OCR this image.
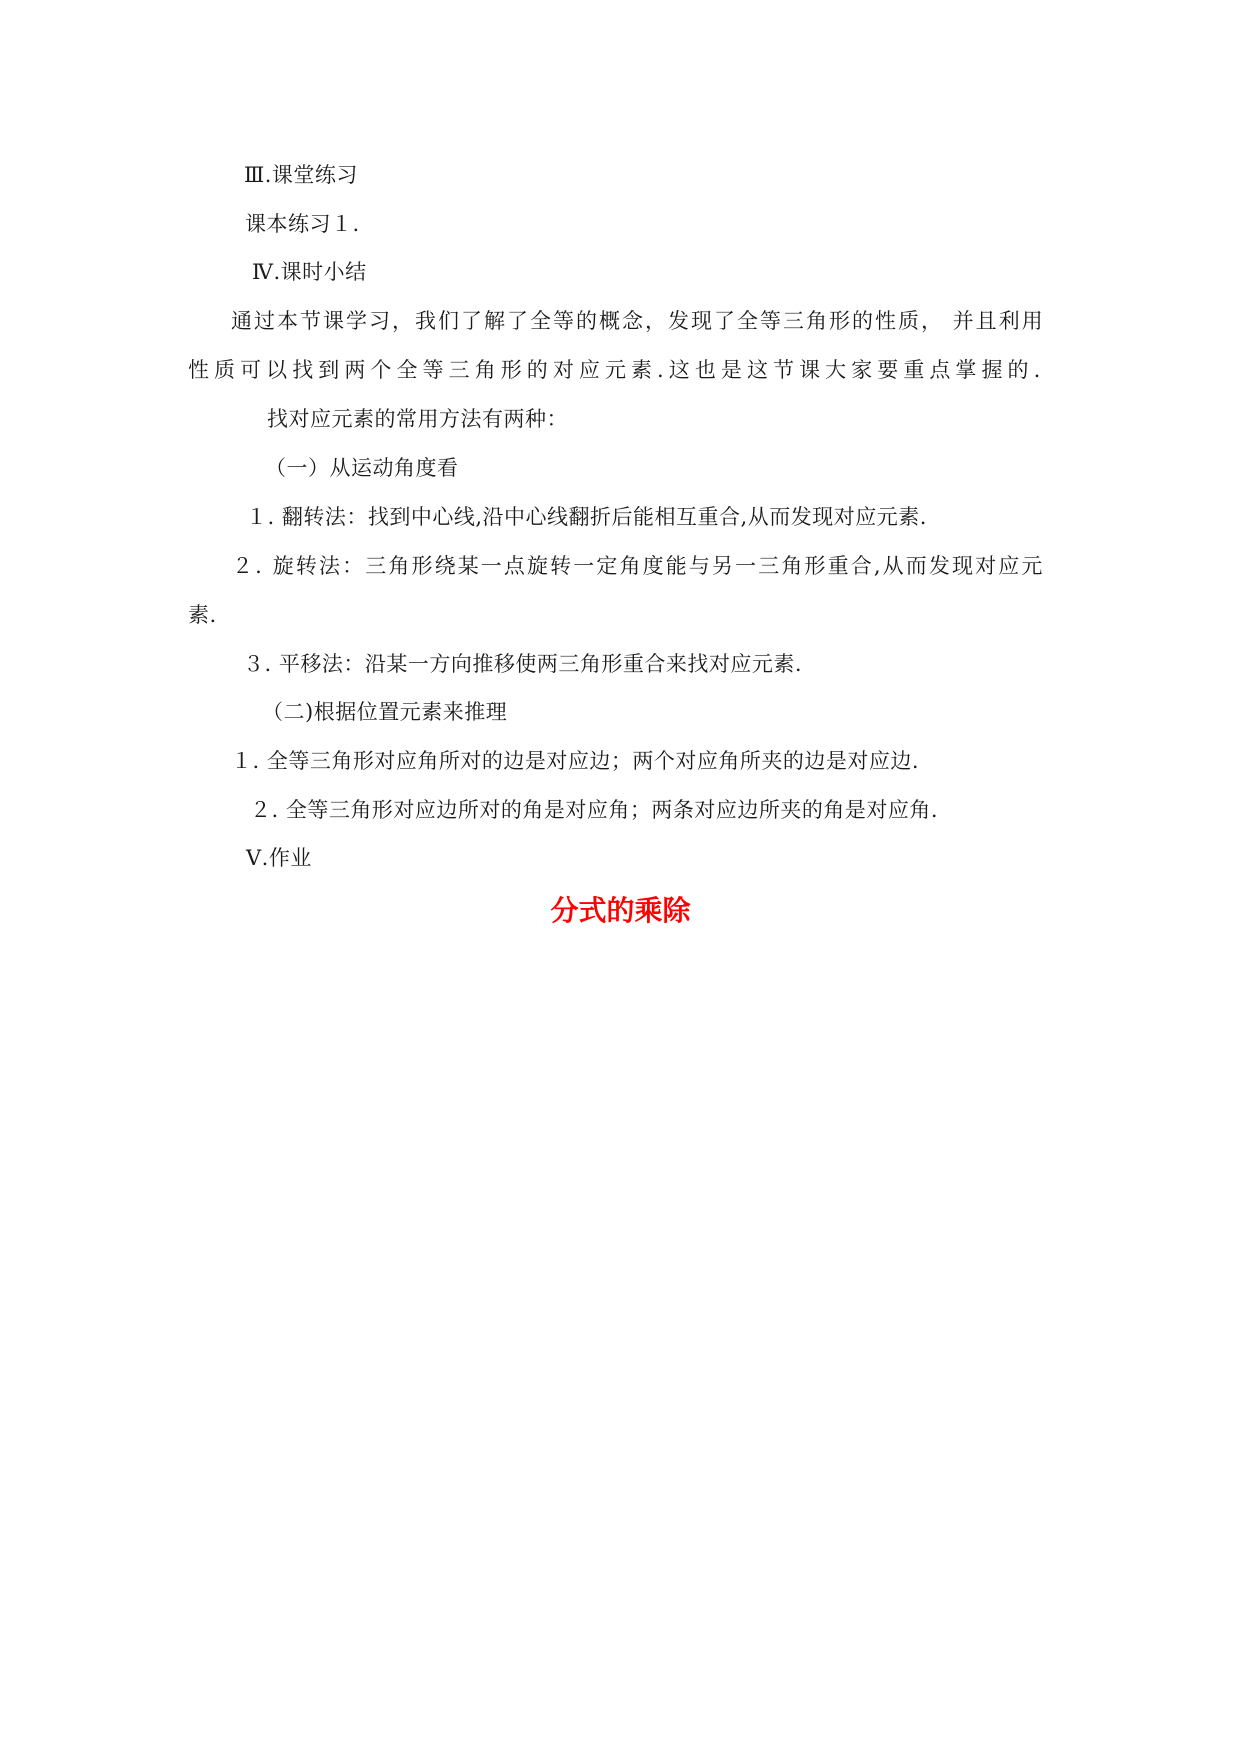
Ⅲ.课堂练习
课本练习１.
Ⅳ.课时小结
通过本节课学习，我们了解了全等的概念，发现了全等三角形的性质， 并且利用
性质可以找到两个全等三角形的对应元素.这也是这节课大家要重点掌握的.
找对应元素的常用方法有两种：
（一）从运动角度看
１. 翻转法：找到中心线,沿中心线翻折后能相互重合,从而发现对应元素.
２. 旋转法：三角形绕某一点旋转一定角度能与另一三角形重合,从而发现对应元
素.
３. 平移法：沿某一方向推移使两三角形重合来找对应元素.
（二)根据位置元素来推理
１. 全等三角形对应角所对的边是对应边；两个对应角所夹的边是对应边.
２. 全等三角形对应边所对的角是对应角；两条对应边所夹的角是对应角.
Ⅴ.作业
分式的乘除
